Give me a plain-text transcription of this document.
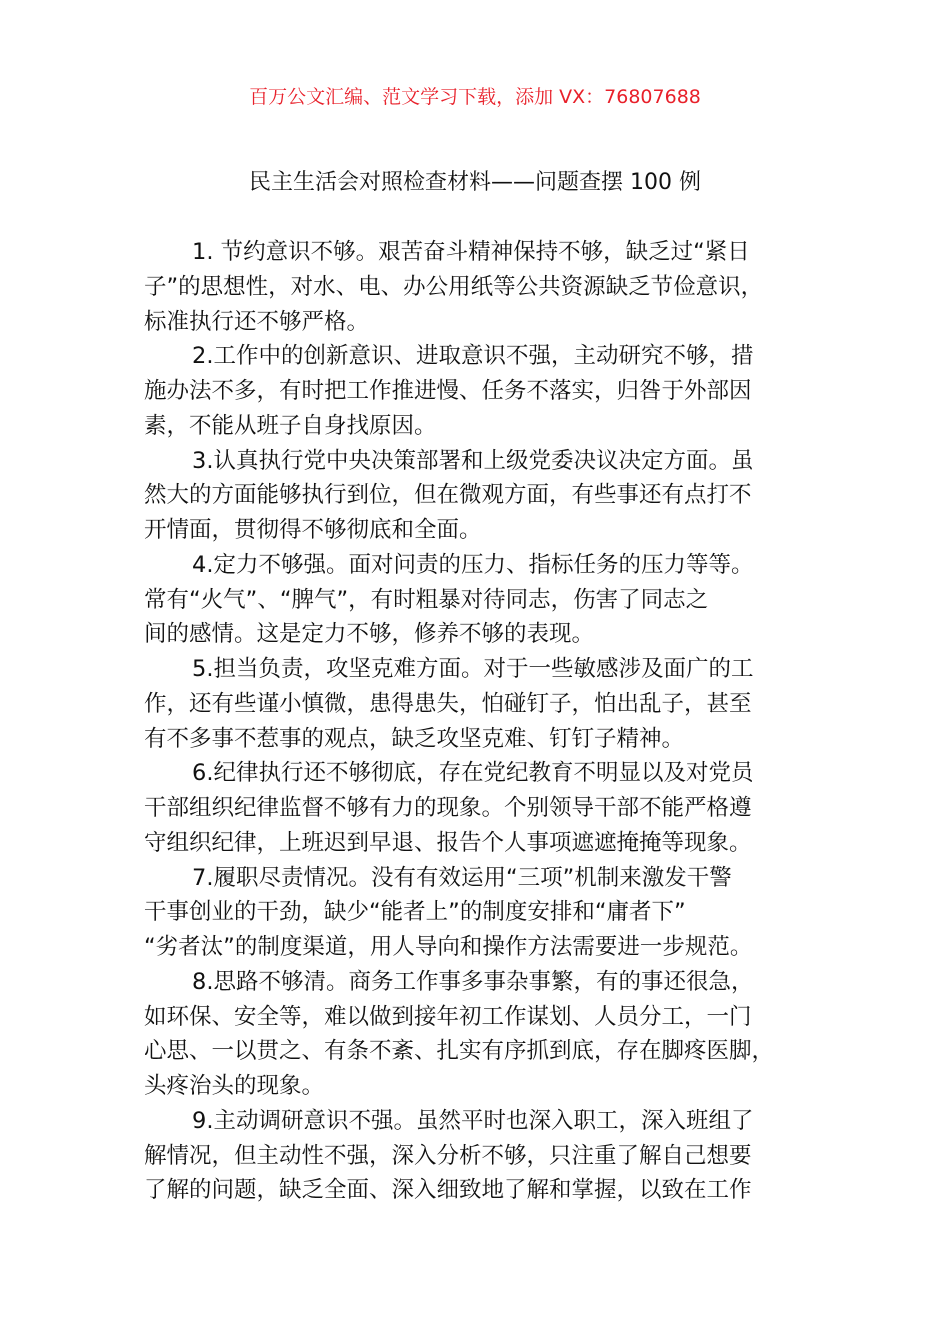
百万公文汇编、范文学习下载，添加 VX：76807688
民主生活会对照检查材料——问题查摆 100 例
1. 节约意识不够。艰苦奋斗精神保持不够，缺乏过“紧日
子”的思想性，对水、电、办公用纸等公共资源缺乏节俭意识，
标准执行还不够严格。
2.工作中的创新意识、进取意识不强，主动研究不够，措
施办法不多，有时把工作推进慢、任务不落实，归咎于外部因
素，不能从班子自身找原因。
3.认真执行党中央决策部署和上级党委决议决定方面。虽
然大的方面能够执行到位，但在微观方面，有些事还有点打不
开情面，贯彻得不够彻底和全面。
4.定力不够强。面对问责的压力、指标任务的压力等等。
常有“火气”、“脾气”，有时粗暴对待同志，伤害了同志之
间的感情。这是定力不够，修养不够的表现。
5.担当负责，攻坚克难方面。对于一些敏感涉及面广的工
作，还有些谨小慎微，患得患失，怕碰钉子，怕出乱子，甚至
有不多事不惹事的观点，缺乏攻坚克难、钉钉子精神。
6.纪律执行还不够彻底，存在党纪教育不明显以及对党员
干部组织纪律监督不够有力的现象。个别领导干部不能严格遵
守组织纪律，上班迟到早退、报告个人事项遮遮掩掩等现象。
7.履职尽责情况。没有有效运用“三项”机制来激发干警
干事创业的干劲，缺少“能者上”的制度安排和“庸者下”
“劣者汰”的制度渠道，用人导向和操作方法需要进一步规范。
8.思路不够清。商务工作事多事杂事繁，有的事还很急，
如环保、安全等，难以做到接年初工作谋划、人员分工，一门
心思、一以贯之、有条不紊、扎实有序抓到底，存在脚疼医脚，
头疼治头的现象。
9.主动调研意识不强。虽然平时也深入职工，深入班组了
解情况，但主动性不强，深入分析不够，只注重了解自己想要
了解的问题，缺乏全面、深入细致地了解和掌握，以致在工作
